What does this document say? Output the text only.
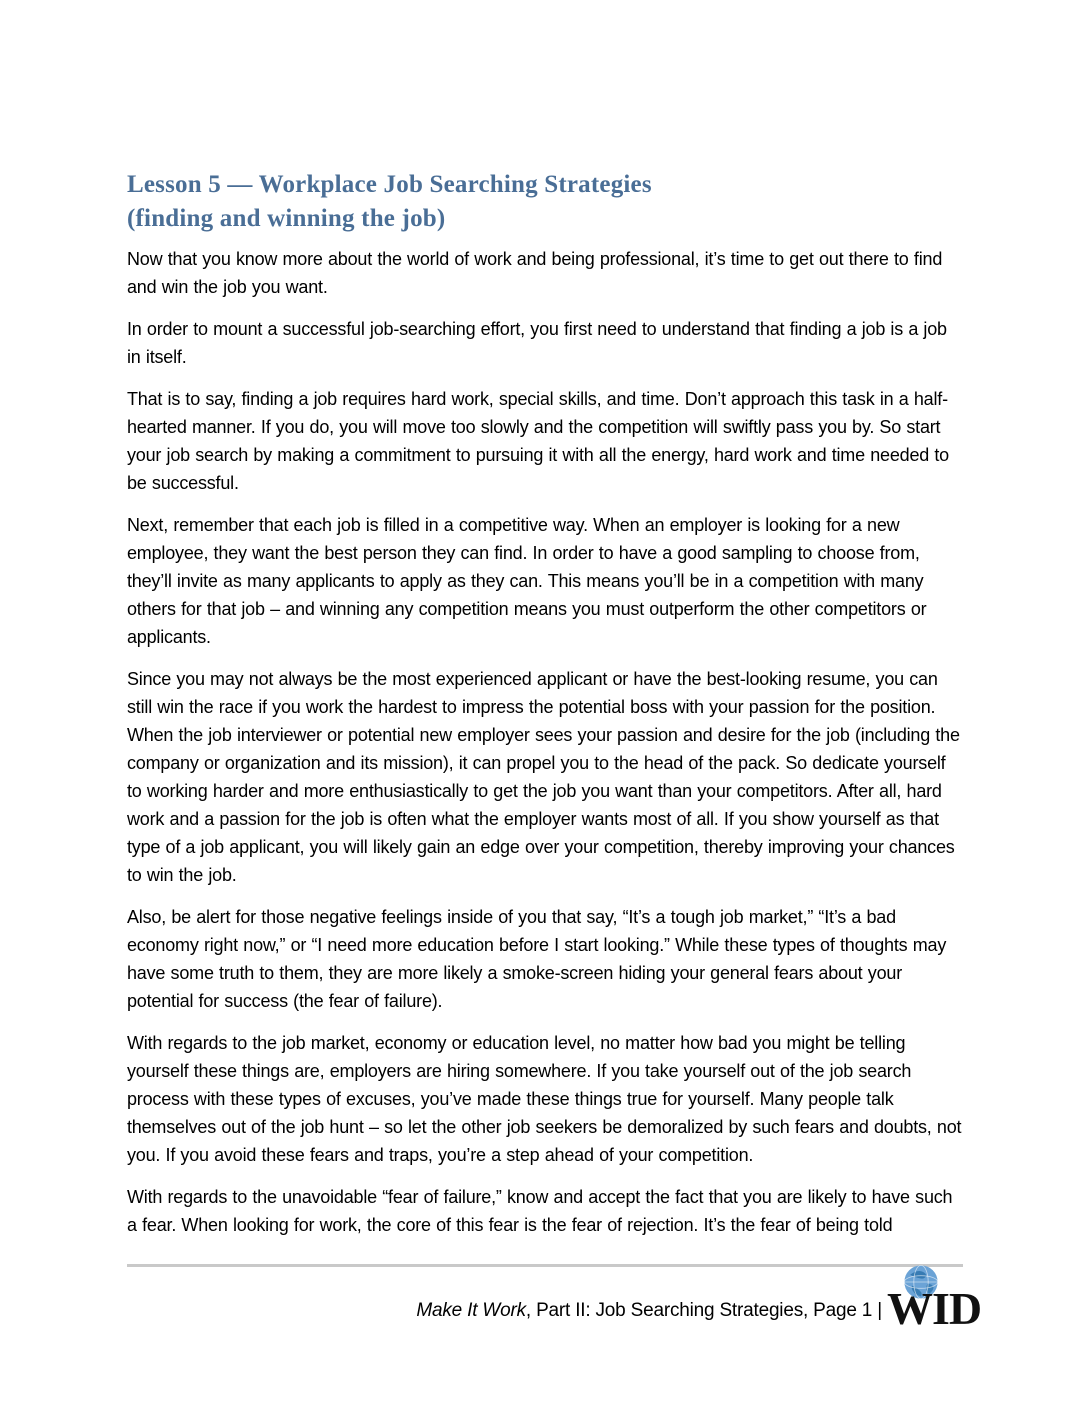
Lesson 5 — Workplace Job Searching Strategies
(finding and winning the job)

Now that you know more about the world of work and being professional, it’s time to get out there to find and win the job you want.

In order to mount a successful job-searching effort, you first need to understand that finding a job is a job in itself.

That is to say, finding a job requires hard work, special skills, and time. Don’t approach this task in a half-hearted manner. If you do, you will move too slowly and the competition will swiftly pass you by. So start your job search by making a commitment to pursuing it with all the energy, hard work and time needed to be successful.

Next, remember that each job is filled in a competitive way. When an employer is looking for a new employee, they want the best person they can find. In order to have a good sampling to choose from, they’ll invite as many applicants to apply as they can. This means you’ll be in a competition with many others for that job – and winning any competition means you must outperform the other competitors or applicants.

Since you may not always be the most experienced applicant or have the best-looking resume, you can still win the race if you work the hardest to impress the potential boss with your passion for the position. When the job interviewer or potential new employer sees your passion and desire for the job (including the company or organization and its mission), it can propel you to the head of the pack. So dedicate yourself to working harder and more enthusiastically to get the job you want than your competitors. After all, hard work and a passion for the job is often what the employer wants most of all. If you show yourself as that type of a job applicant, you will likely gain an edge over your competition, thereby improving your chances to win the job.

Also, be alert for those negative feelings inside of you that say, “It’s a tough job market,” “It’s a bad economy right now,” or “I need more education before I start looking.” While these types of thoughts may have some truth to them, they are more likely a smoke-screen hiding your general fears about your potential for success (the fear of failure).

With regards to the job market, economy or education level, no matter how bad you might be telling yourself these things are, employers are hiring somewhere. If you take yourself out of the job search process with these types of excuses, you’ve made these things true for yourself. Many people talk themselves out of the job hunt – so let the other job seekers be demoralized by such fears and doubts, not you. If you avoid these fears and traps, you’re a step ahead of your competition.

With regards to the unavoidable “fear of failure,” know and accept the fact that you are likely to have such a fear. When looking for work, the core of this fear is the fear of rejection. It’s the fear of being told

Make It Work, Part II: Job Searching Strategies, Page 1 | WID
